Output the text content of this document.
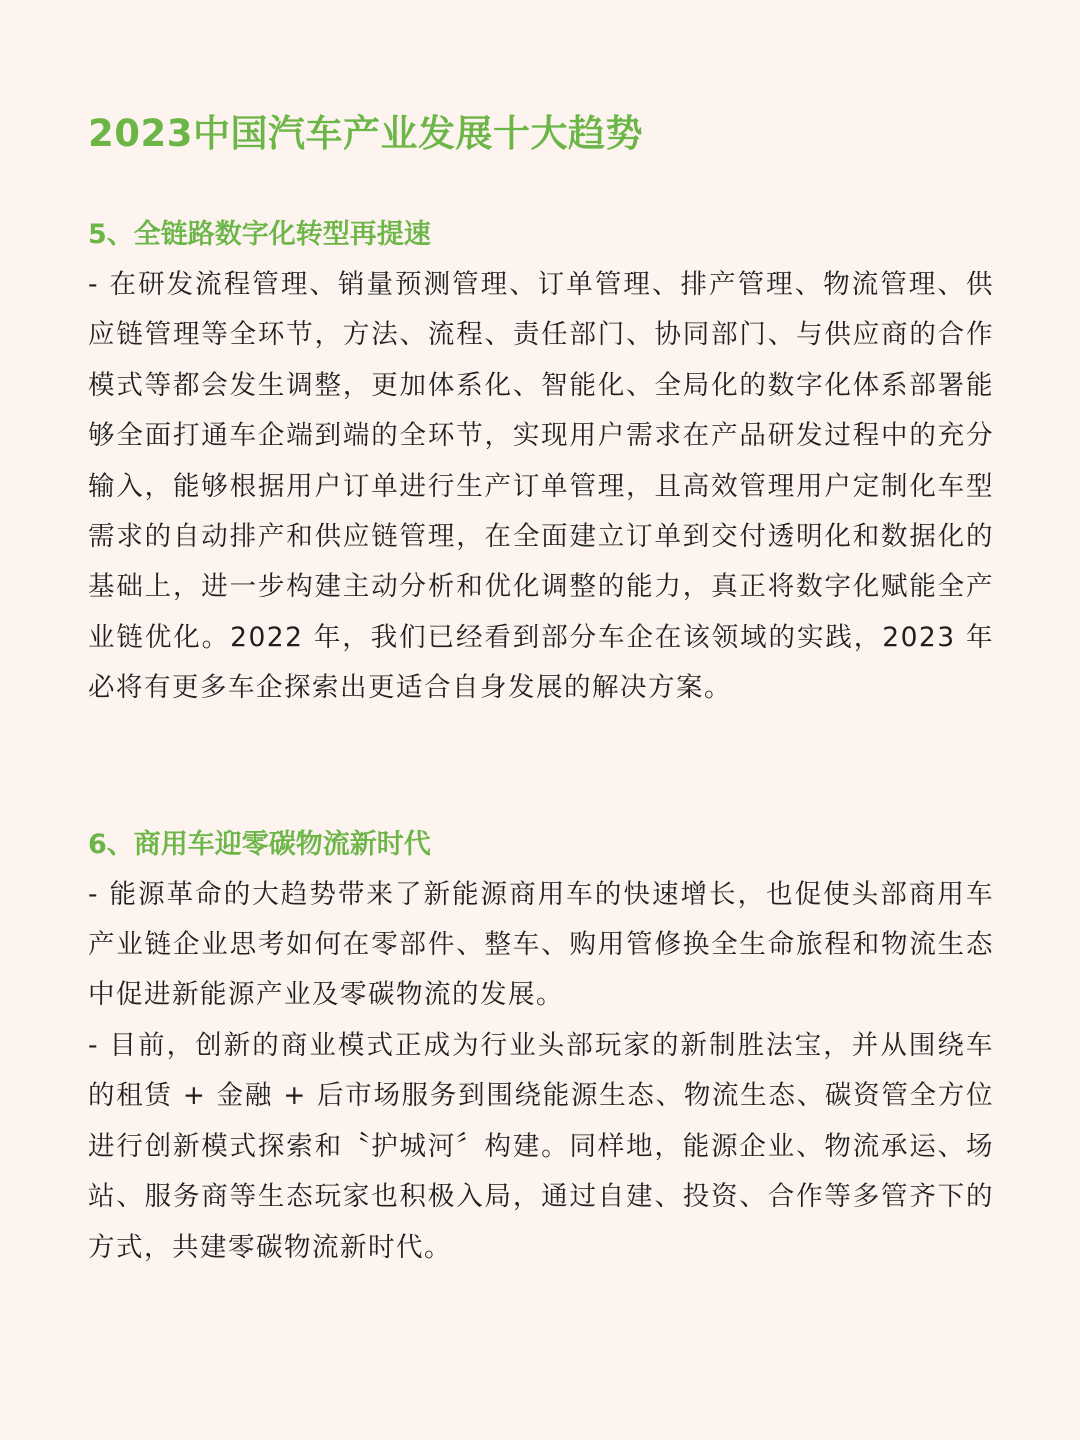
2023中国汽车产业发展十大趋势
5、全链路数字化转型再提速

- 在研发流程管理、销量预测管理、订单管理、排产管理、物流管理、供应链管理等全环节，方法、流程、责任部门、协同部门、与供应商的合作模式等都会发生调整，更加体系化、智能化、全局化的数字化体系部署能够全面打通车企端到端的全环节，实现用户需求在产品研发过程中的充分输入，能够根据用户订单进行生产订单管理，且高效管理用户定制化车型需求的自动排产和供应链管理，在全面建立订单到交付透明化和数据化的基础上，进一步构建主动分析和优化调整的能力，真正将数字化赋能全产业链优化。2022 年，我们已经看到部分车企在该领域的实践，2023 年必将有更多车企探索出更适合自身发展的解决方案。

6、商用车迎零碳物流新时代

- 能源革命的大趋势带来了新能源商用车的快速增长，也促使头部商用车产业链企业思考如何在零部件、整车、购用管修换全生命旅程和物流生态中促进新能源产业及零碳物流的发展。

- 目前，创新的商业模式正成为行业头部玩家的新制胜法宝，并从围绕车的租赁 + 金融 + 后市场服务到围绕能源生态、物流生态、碳资管全方位进行创新模式探索和〝护城河〞构建。同样地，能源企业、物流承运、场站、服务商等生态玩家也积极入局，通过自建、投资、合作等多管齐下的方式，共建零碳物流新时代。
